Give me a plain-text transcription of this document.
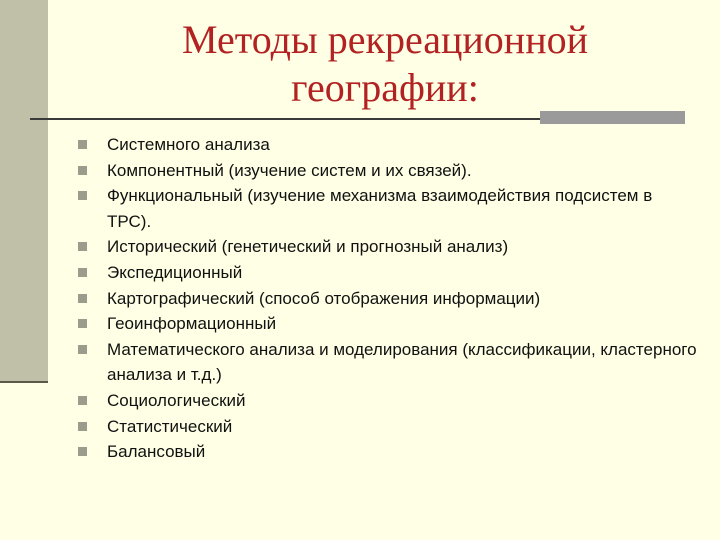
Методы рекреационной
географии:
Системного анализа
Компонентный (изучение систем и их связей).
Функциональный (изучение механизма взаимодействия подсистем в ТРС).
Исторический (генетический и прогнозный анализ)
Экспедиционный
Картографический (способ отображения информации)
Геоинформационный
Математического анализа и моделирования (классификации, кластерного анализа и т.д.)
Социологический
Статистический
Балансовый
